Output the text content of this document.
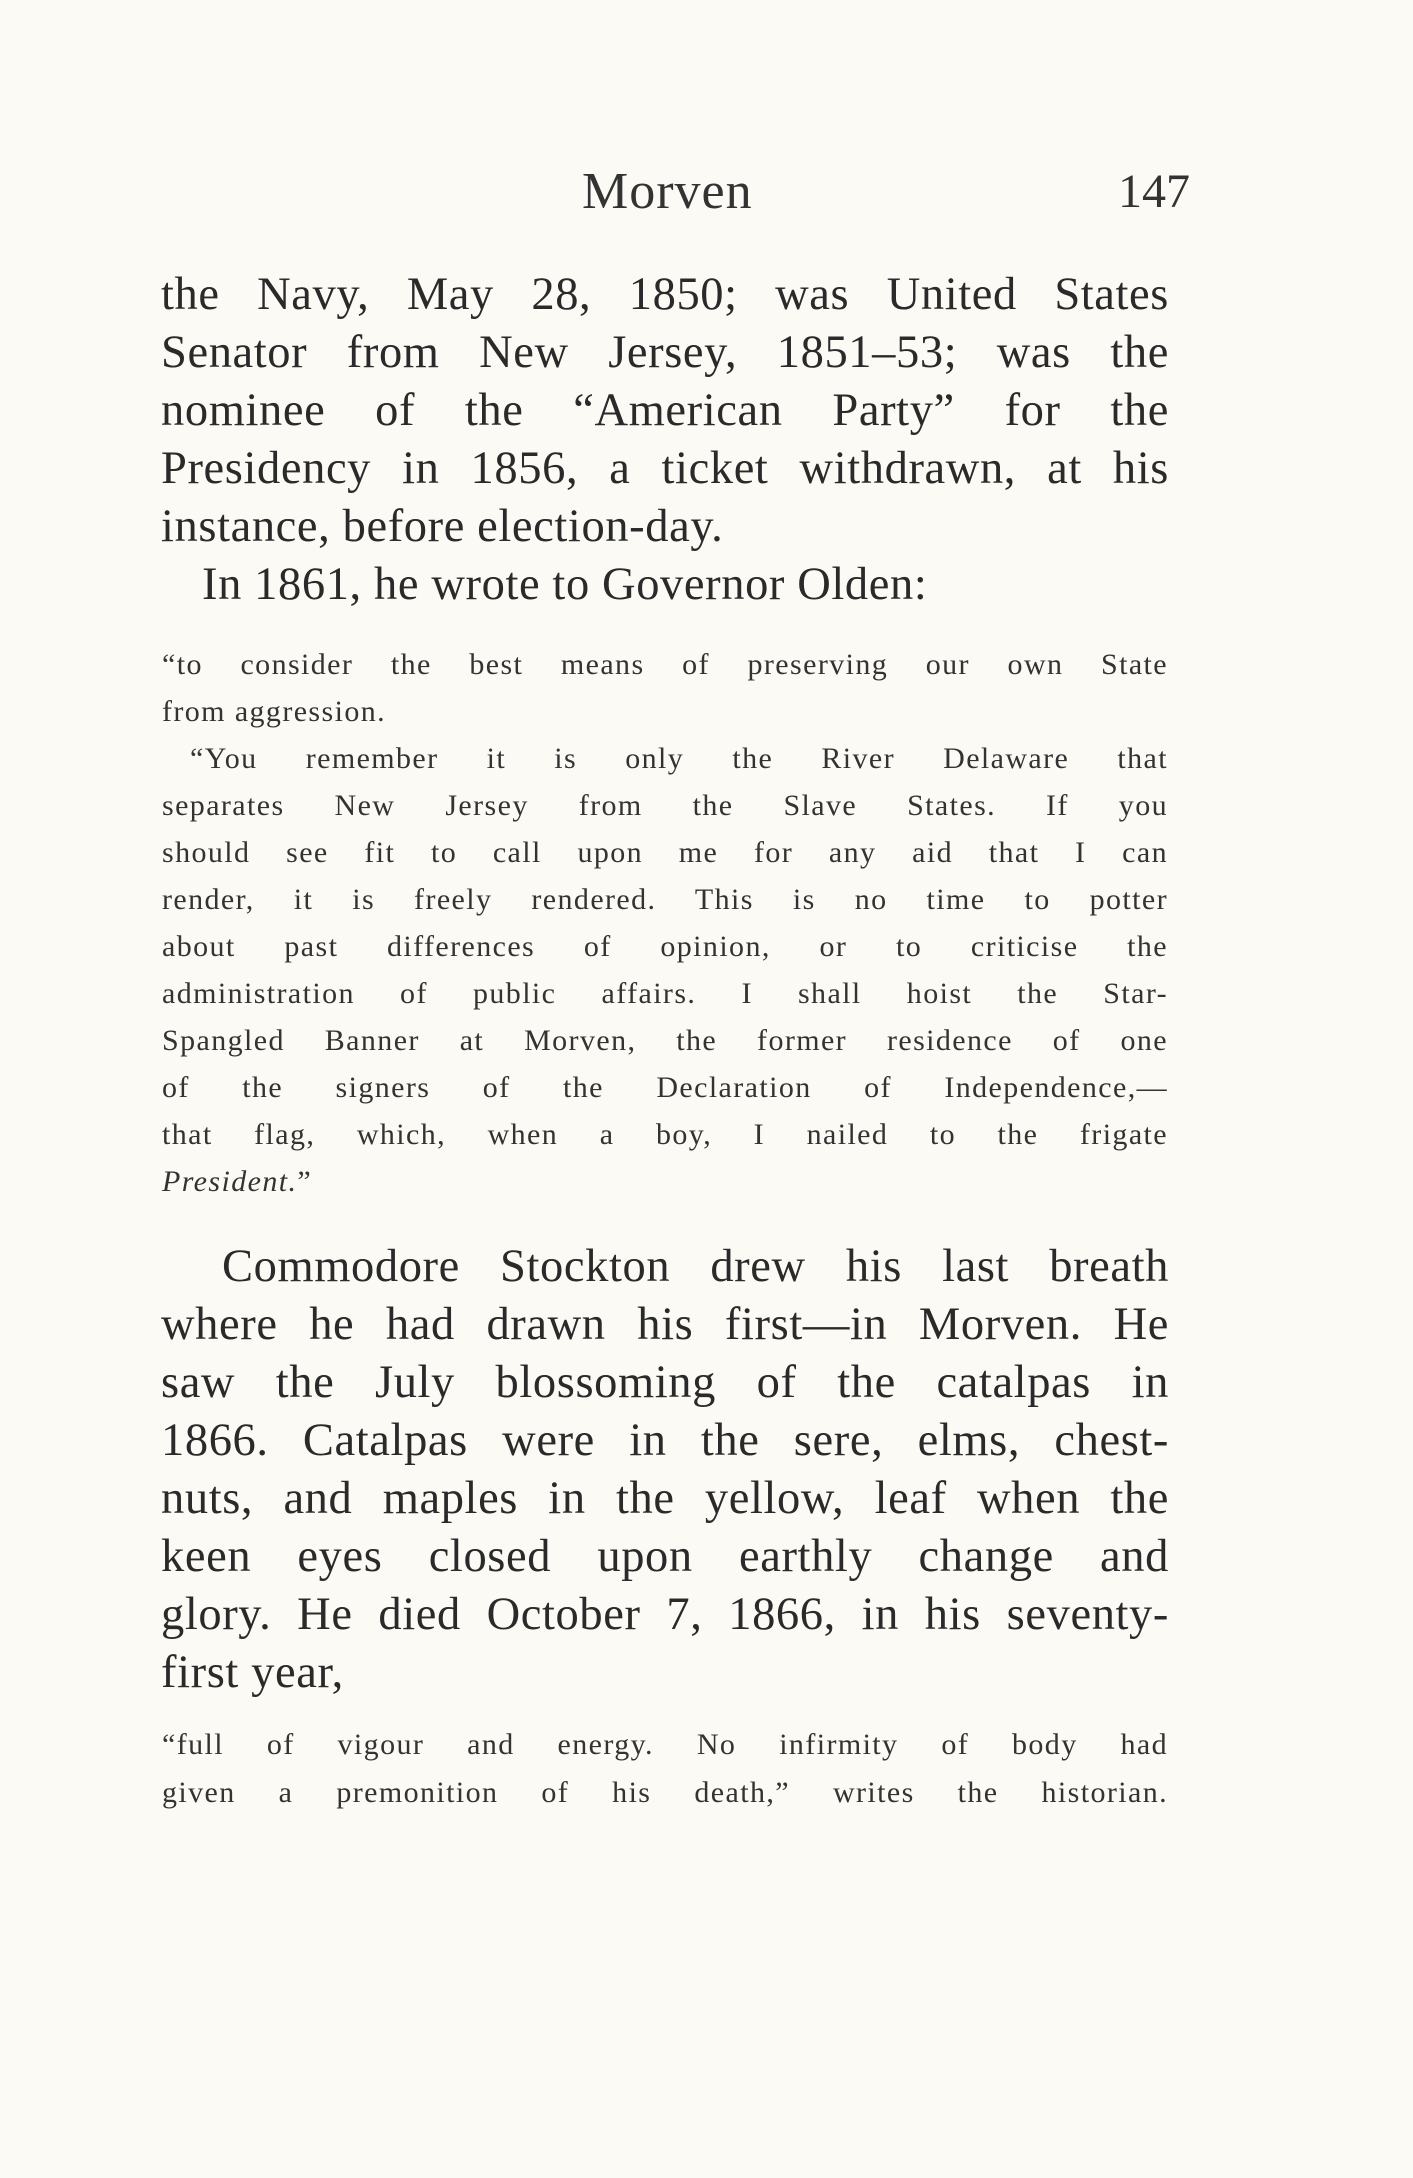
Morven	147
the Navy, May 28, 1850; was United States
Senator from New Jersey, 1851–53; was the
nominee of the “American Party” for the
Presidency in 1856, a ticket withdrawn, at his
instance, before election-day.
In 1861, he wrote to Governor Olden:
“to consider the best means of preserving our own State
from aggression.
“You remember it is only the River Delaware that
separates New Jersey from the Slave States. If you
should see fit to call upon me for any aid that I can
render, it is freely rendered. This is no time to potter
about past differences of opinion, or to criticise the
administration of public affairs. I shall hoist the Star-
Spangled Banner at Morven, the former residence of one
of the signers of the Declaration of Independence,—
that flag, which, when a boy, I nailed to the frigate
President.”
Commodore Stockton drew his last breath
where he had drawn his first—in Morven. He
saw the July blossoming of the catalpas in
1866. Catalpas were in the sere, elms, chest-
nuts, and maples in the yellow, leaf when the
keen eyes closed upon earthly change and
glory. He died October 7, 1866, in his seventy-
first year,
“full of vigour and energy. No infirmity of body had
given a premonition of his death,” writes the historian.
